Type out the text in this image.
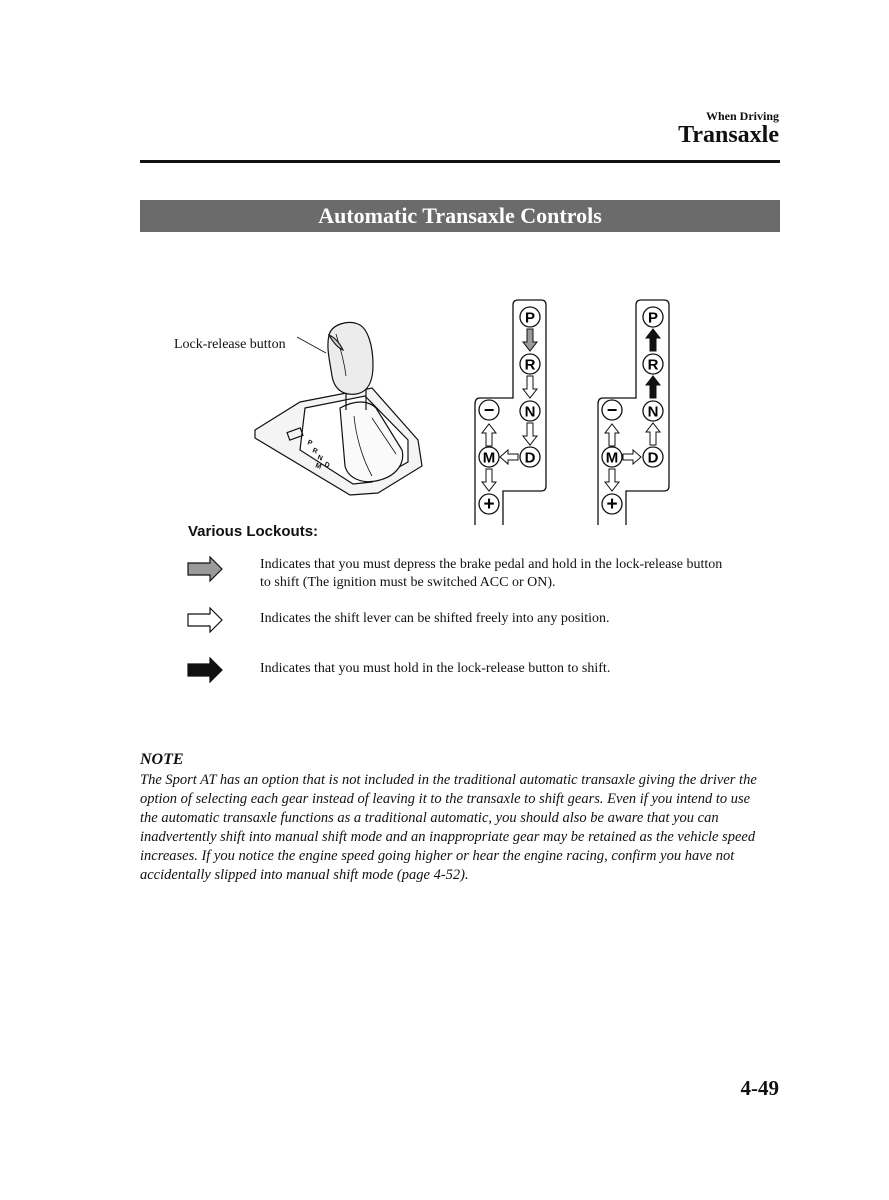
When Driving
Transaxle
Automatic Transaxle Controls
Lock-release button
P
R
N
D
M
P
R
N
D
−
M
+
P
R
N
D
−
M
+
Various Lockouts:
Indicates that you must depress the brake pedal and hold in the lock-release button to shift (The ignition must be switched ACC or ON).
Indicates the shift lever can be shifted freely into any position.
Indicates that you must hold in the lock-release button to shift.
NOTE
The Sport AT has an option that is not included in the traditional automatic transaxle giving the driver the option of selecting each gear instead of leaving it to the transaxle to shift gears. Even if you intend to use the automatic transaxle functions as a traditional automatic, you should also be aware that you can inadvertently shift into manual shift mode and an inappropriate gear may be retained as the vehicle speed increases. If you notice the engine speed going higher or hear the engine racing, confirm you have not accidentally slipped into manual shift mode (page 4-52).
4-49
